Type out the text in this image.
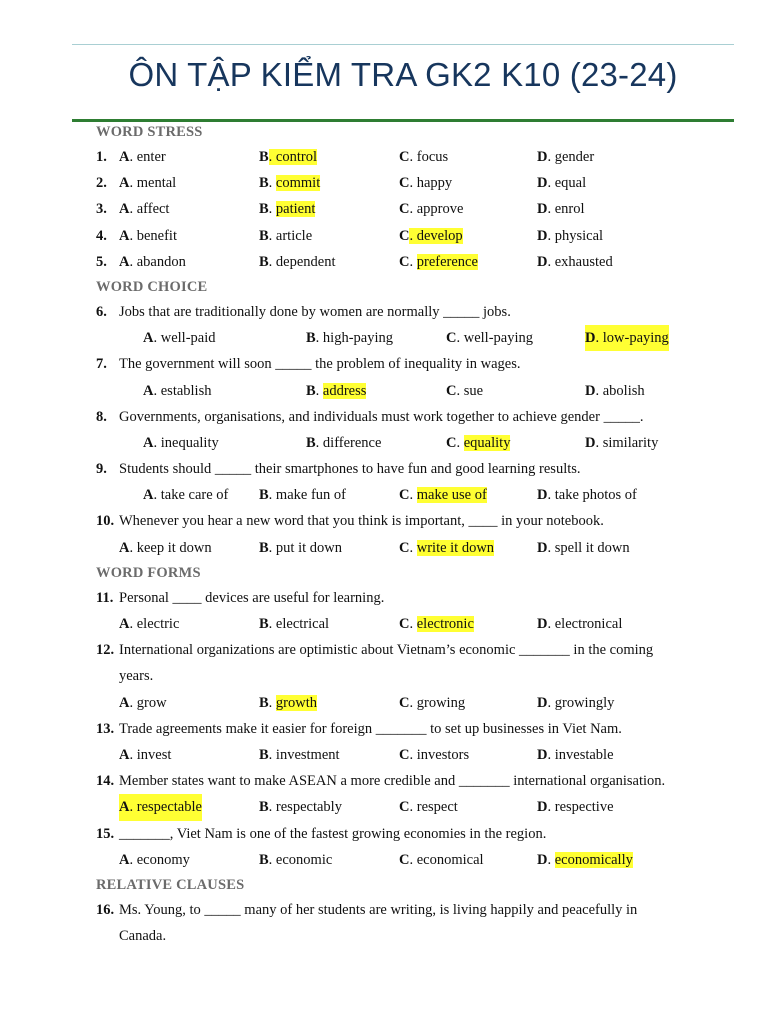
ÔN TẬP KIỂM TRA GK2 K10 (23-24)
WORD STRESS
1. A. enter	B. control	C. focus	D. gender
2. A. mental	B. commit	C. happy	D. equal
3. A. affect	B. patient	C. approve	D. enrol
4. A. benefit	B. article	C. develop	D. physical
5. A. abandon	B. dependent	C. preference	D. exhausted
WORD CHOICE
6. Jobs that are traditionally done by women are normally _____ jobs.
A. well-paid	B. high-paying	C. well-paying	D. low-paying
7. The government will soon _____ the problem of inequality in wages.
A. establish	B. address	C. sue	D. abolish
8. Governments, organisations, and individuals must work together to achieve gender _____.
A. inequality	B. difference	C. equality	D. similarity
9. Students should _____ their smartphones to have fun and good learning results.
A. take care of B. make fun of	C. make use of	D. take photos of
10. Whenever you hear a new word that you think is important, ____ in your notebook.
A. keep it down	B. put it down	C. write it down	D. spell it down
WORD FORMS
11. Personal ____ devices are useful for learning.
A. electric	B. electrical	C. electronic	D. electronical
12. International organizations are optimistic about Vietnam’s economic _______ in the coming
years.
A. grow	B. growth	C. growing	D. growingly
13. Trade agreements make it easier for foreign _______ to set up businesses in Viet Nam.
A. invest	B. investment	C. investors	D. investable
14. Member states want to make ASEAN a more credible and _______ international organisation.
A. respectable	B. respectably	C. respect	D. respective
15. _______, Viet Nam is one of the fastest growing economies in the region.
A. economy	B. economic	C. economical	D. economically
RELATIVE CLAUSES
16. Ms. Young, to _____ many of her students are writing, is living happily and peacefully in
Canada.
